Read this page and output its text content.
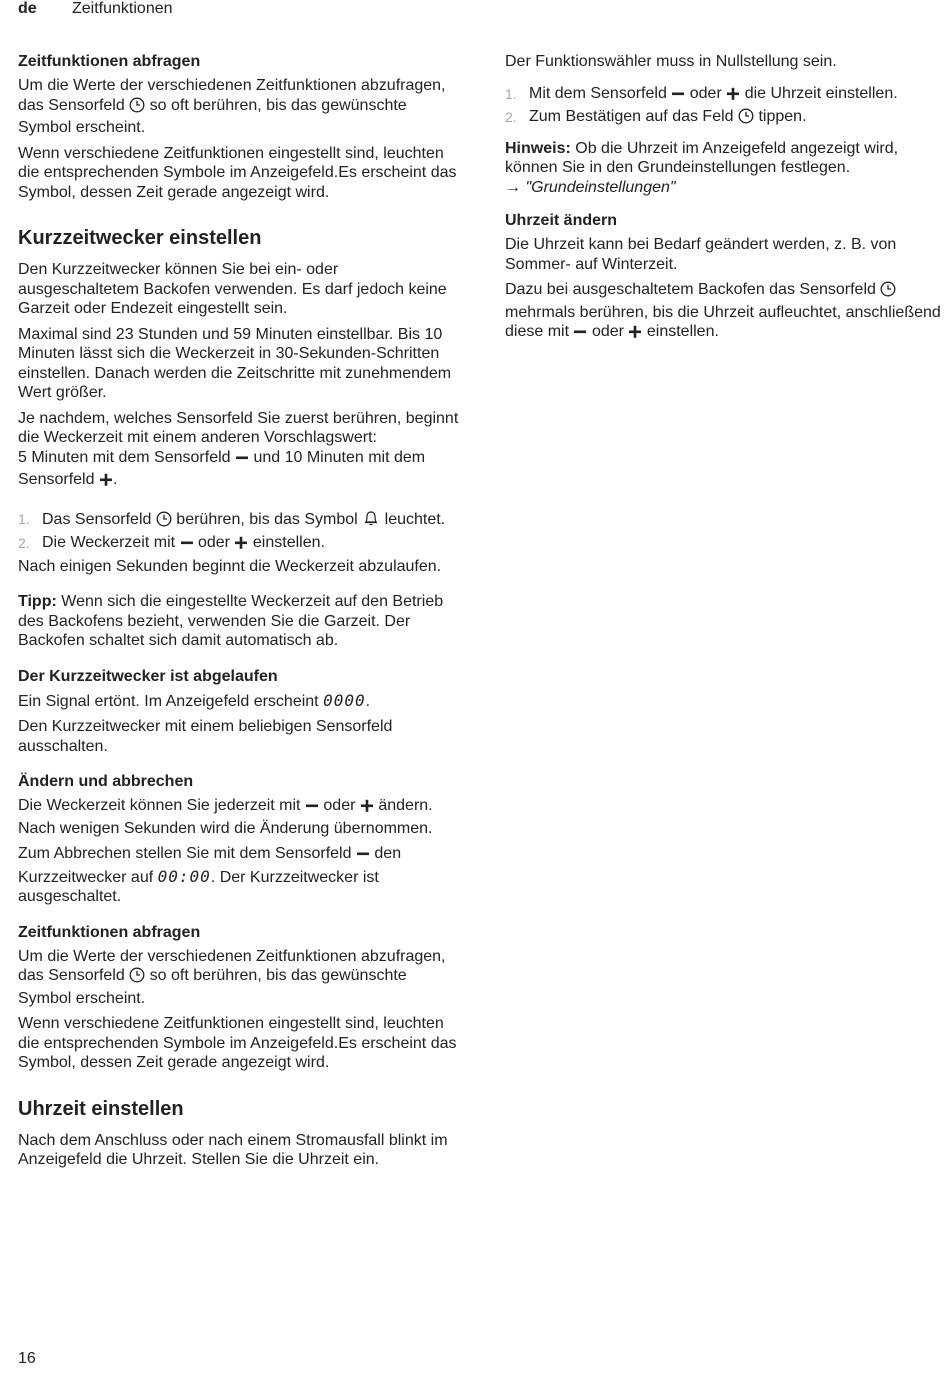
de Zeitfunktionen
Zeitfunktionen abfragen

Um die Werte der verschiedenen Zeitfunktionen abzufragen, das Sensorfeld so oft berühren, bis das gewünschte Symbol erscheint.

Wenn verschiedene Zeitfunktionen eingestellt sind, leuchten die entsprechenden Symbole im Anzeigefeld.Es erscheint das Symbol, dessen Zeit gerade angezeigt wird.

Kurzzeitwecker einstellen

Den Kurzzeitwecker können Sie bei ein- oder ausgeschaltetem Backofen verwenden. Es darf jedoch keine Garzeit oder Endezeit eingestellt sein.

Maximal sind 23 Stunden und 59 Minuten einstellbar. Bis 10 Minuten lässt sich die Weckerzeit in 30-Sekunden-Schritten einstellen. Danach werden die Zeitschritte mit zunehmendem Wert größer.

Je nachdem, welches Sensorfeld Sie zuerst berühren, beginnt die Weckerzeit mit einem anderen Vorschlagswert:
5 Minuten mit dem Sensorfeld und 10 Minuten mit dem Sensorfeld .

1. Das Sensorfeld berühren, bis das Symbol leuchtet.
2. Die Weckerzeit mit oder einstellen.

Nach einigen Sekunden beginnt die Weckerzeit abzulaufen.

Tipp: Wenn sich die eingestellte Weckerzeit auf den Betrieb des Backofens bezieht, verwenden Sie die Garzeit. Der Backofen schaltet sich damit automatisch ab.

Der Kurzzeitwecker ist abgelaufen

Ein Signal ertönt. Im Anzeigefeld erscheint 0000.

Den Kurzzeitwecker mit einem beliebigen Sensorfeld ausschalten.

Ändern und abbrechen

Die Weckerzeit können Sie jederzeit mit oder ändern. Nach wenigen Sekunden wird die Änderung übernommen.

Zum Abbrechen stellen Sie mit dem Sensorfeld den Kurzzeitwecker auf 00:00. Der Kurzzeitwecker ist ausgeschaltet.

Zeitfunktionen abfragen

Um die Werte der verschiedenen Zeitfunktionen abzufragen, das Sensorfeld so oft berühren, bis das gewünschte Symbol erscheint.

Wenn verschiedene Zeitfunktionen eingestellt sind, leuchten die entsprechenden Symbole im Anzeigefeld.Es erscheint das Symbol, dessen Zeit gerade angezeigt wird.

Uhrzeit einstellen

Nach dem Anschluss oder nach einem Stromausfall blinkt im Anzeigefeld die Uhrzeit. Stellen Sie die Uhrzeit ein.

Der Funktionswähler muss in Nullstellung sein.

1. Mit dem Sensorfeld oder die Uhrzeit einstellen.
2. Zum Bestätigen auf das Feld tippen.

Hinweis: Ob die Uhrzeit im Anzeigefeld angezeigt wird, können Sie in den Grundeinstellungen festlegen.
→ "Grundeinstellungen"

Uhrzeit ändern

Die Uhrzeit kann bei Bedarf geändert werden, z. B. von Sommer- auf Winterzeit.

Dazu bei ausgeschaltetem Backofen das Sensorfeld  mehrmals berühren, bis die Uhrzeit aufleuchtet, anschließend diese mit oder einstellen.

16
